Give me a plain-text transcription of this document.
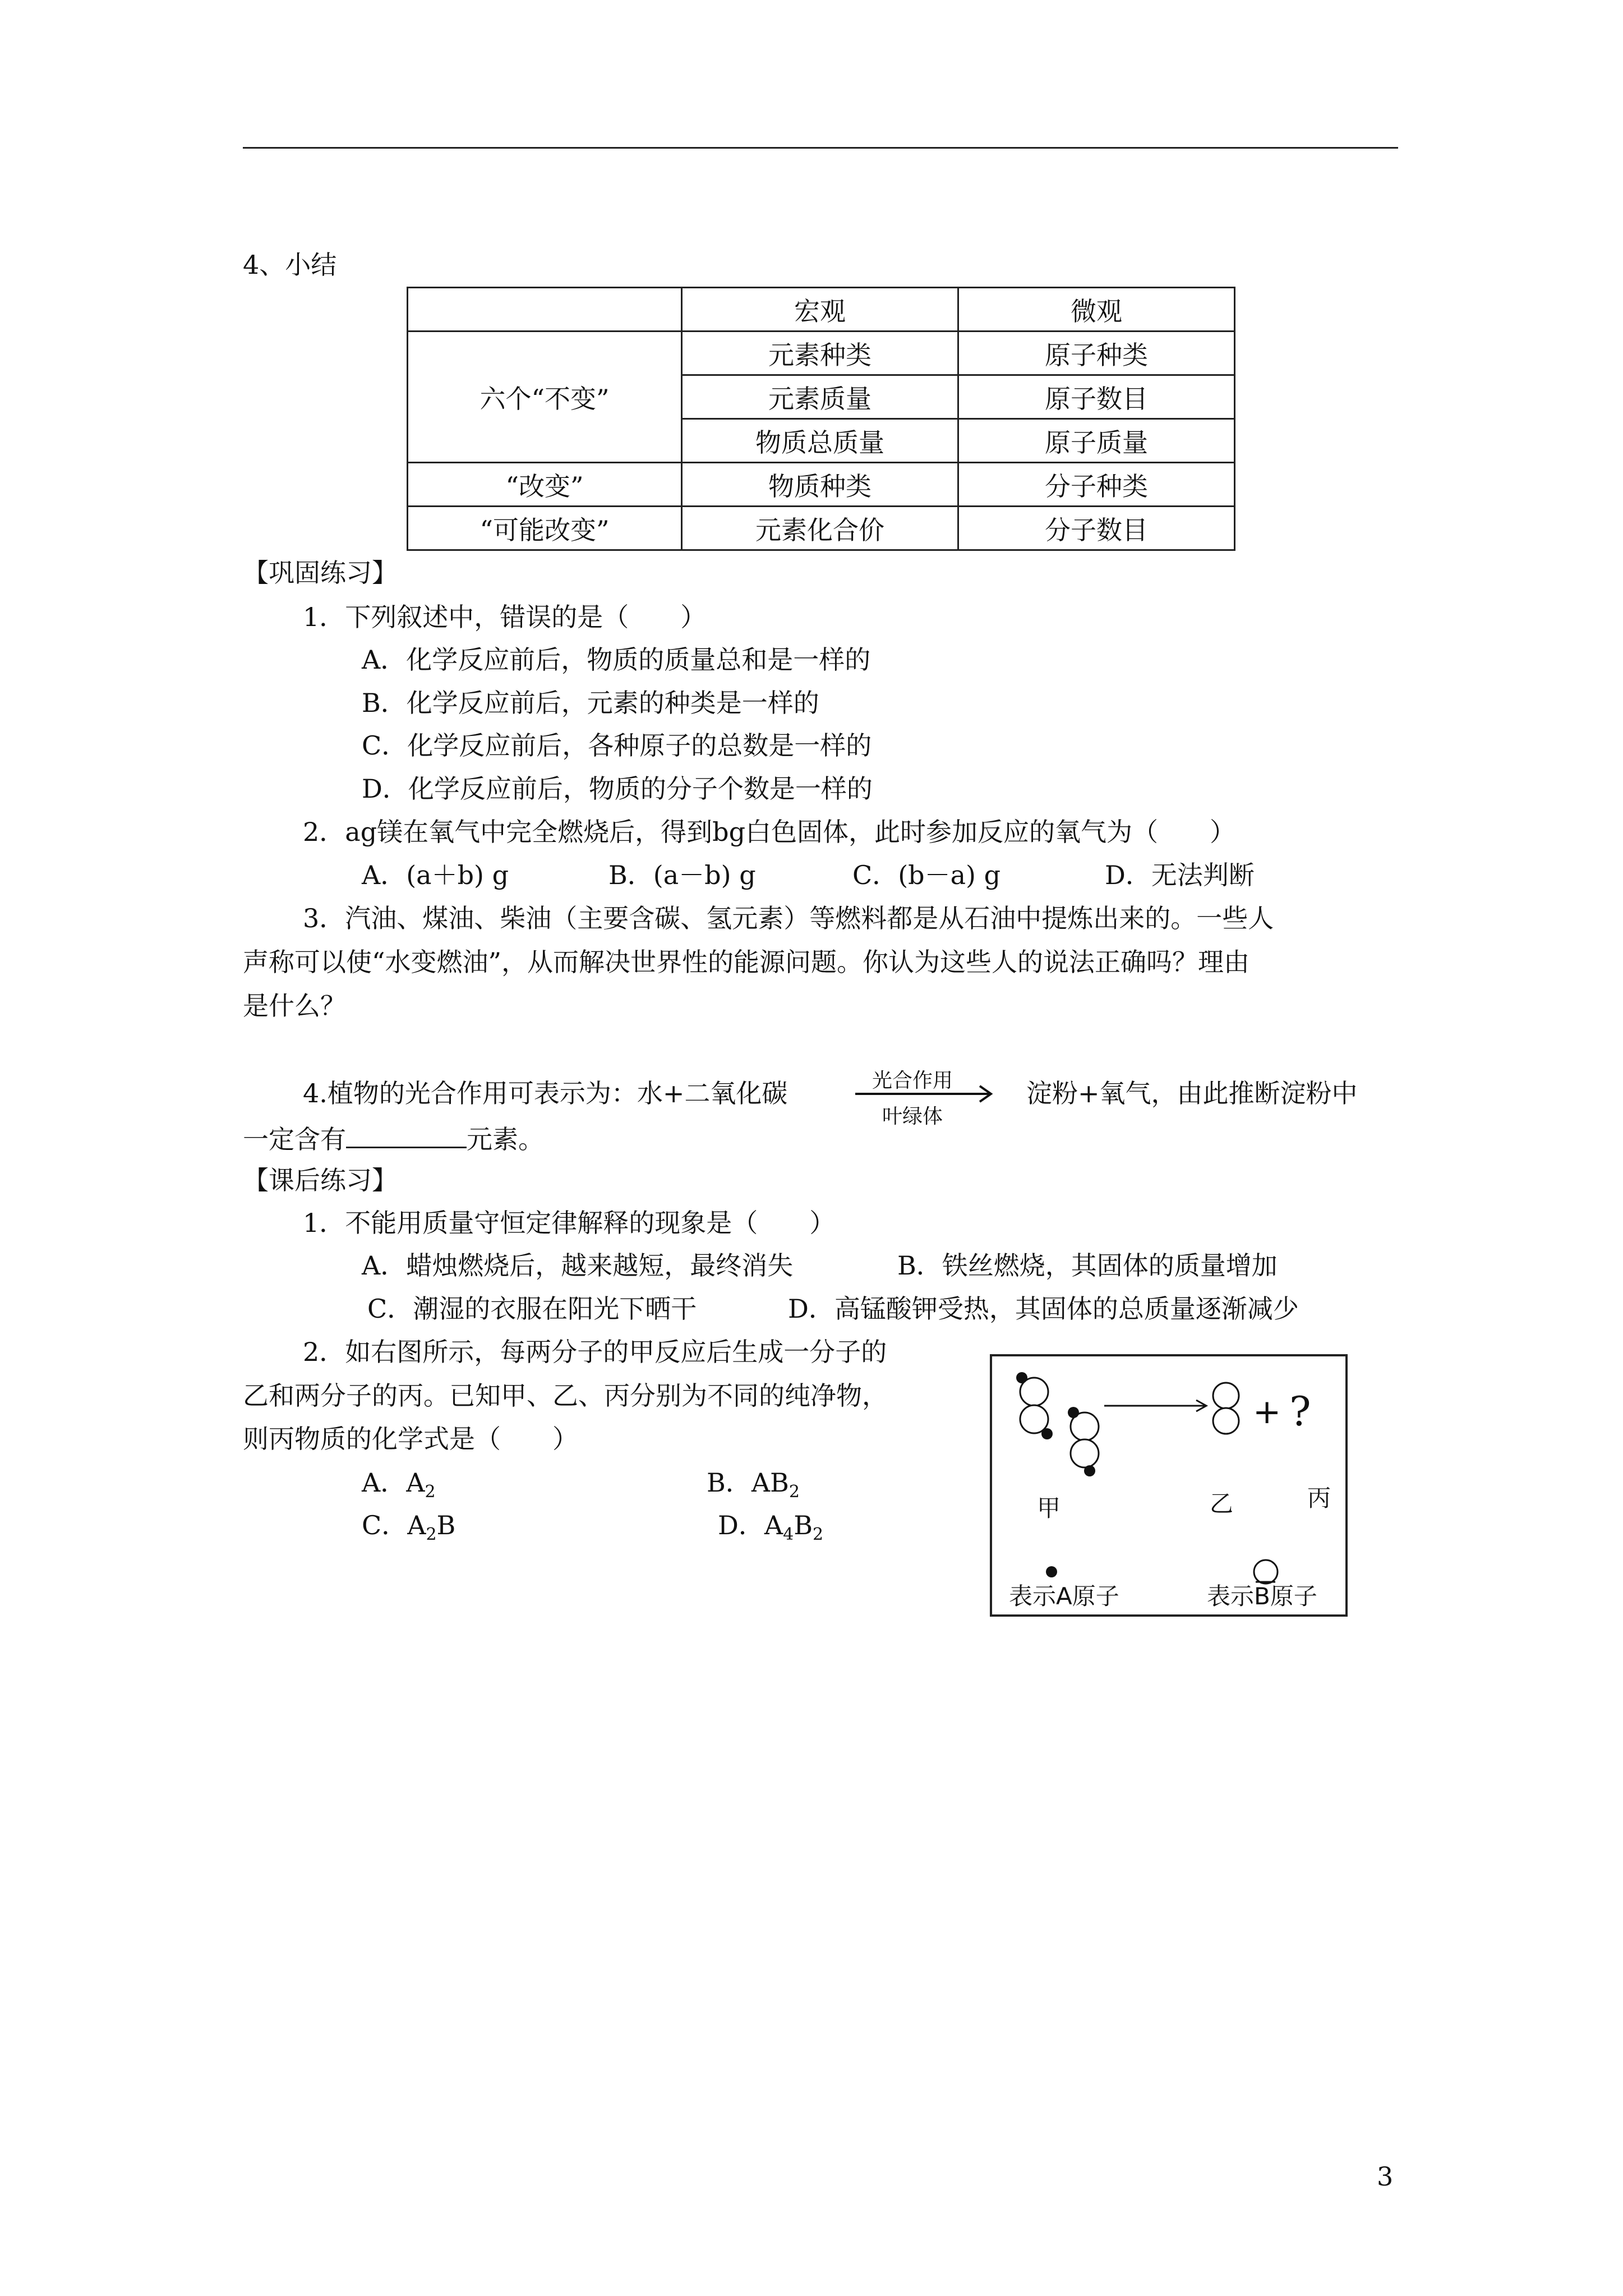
4、小结
	宏观	微观
六个“不变”	元素种类	原子种类
	元素质量	原子数目
	物质总质量	原子质量
“改变”	物质种类	分子种类
“可能改变”	元素化合价	分子数目
【巩固练习】
1．下列叙述中，错误的是（　　）
A．化学反应前后，物质的质量总和是一样的
B．化学反应前后，元素的种类是一样的
C．化学反应前后，各种原子的总数是一样的
D．化学反应前后，物质的分子个数是一样的
2．ag镁在氧气中完全燃烧后，得到bg白色固体，此时参加反应的氧气为（　　）
A．(a＋b) g	B．(a－b) g	C．(b－a) g	D．无法判断
3．汽油、煤油、柴油（主要含碳、氢元素）等燃料都是从石油中提炼出来的。一些人
声称可以使“水变燃油”，从而解决世界性的能源问题。你认为这些人的说法正确吗？理由
是什么？
4.植物的光合作用可表示为：水+二氧化碳	光合作用
叶绿体
淀粉+氧气，由此推断淀粉中
一定含有	元素。
【课后练习】
1．不能用质量守恒定律解释的现象是（　　）
A．蜡烛燃烧后，越来越短，最终消失	B．铁丝燃烧，其固体的质量增加
C．潮湿的衣服在阳光下晒干	D．高锰酸钾受热，其固体的总质量逐渐减少
2．如右图所示，每两分子的甲反应后生成一分子的
乙和两分子的丙。已知甲、乙、丙分别为不同的纯净物，
则丙物质的化学式是（　　）
A．$A_2$	B．$AB_2$
C．$A_2B$	D．$A_4B_2$
+ ?
甲	乙	丙
表示A原子	表示B原子
3
